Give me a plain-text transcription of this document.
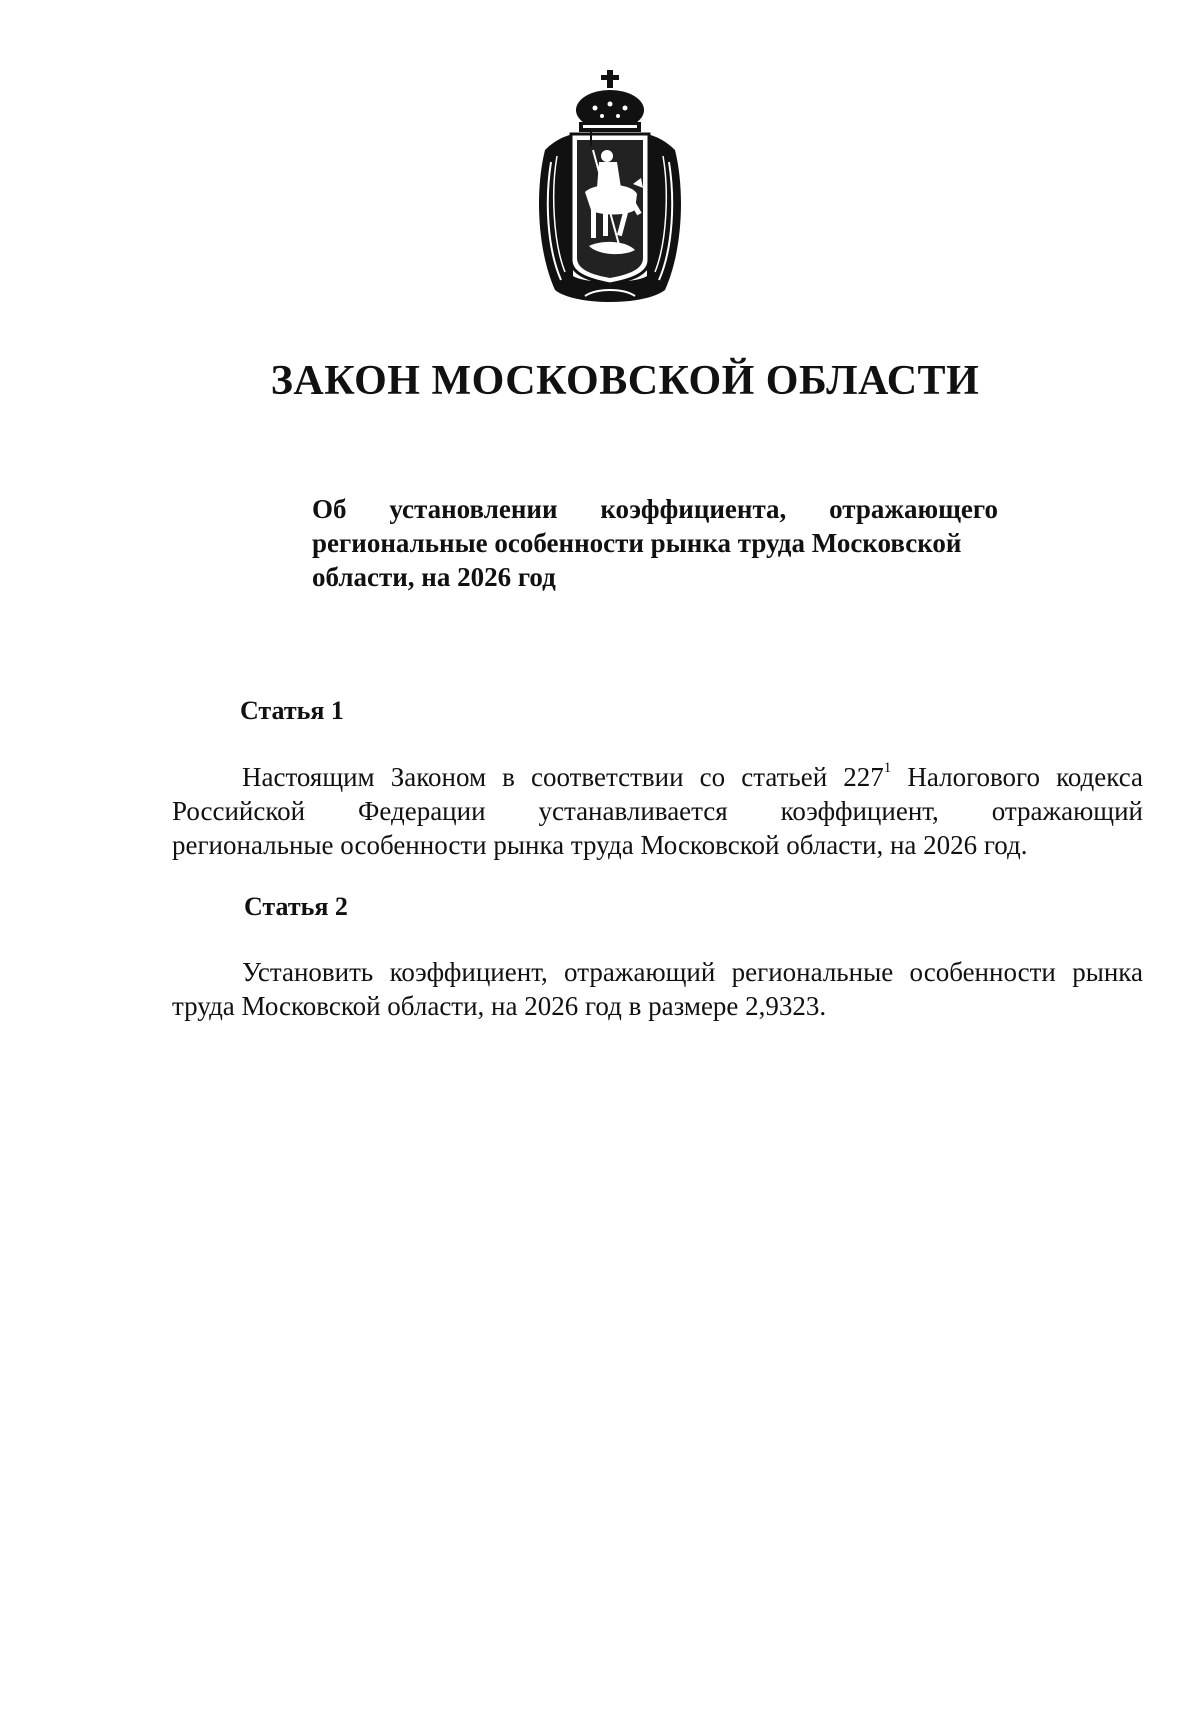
ЗАКОН МОСКОВСКОЙ ОБЛАСТИ
Об установлении коэффициента, отражающего
региональные особенности рынка труда Московской
области, на 2026 год
Статья 1
Настоящим Законом в соответствии со статьей $227^1$ Налогового кодекса
Российской Федерации устанавливается коэффициент, отражающий
региональные особенности рынка труда Московской области, на 2026 год.
Статья 2
Установить коэффициент, отражающий региональные особенности рынка
труда Московской области, на 2026 год в размере 2,9323.
